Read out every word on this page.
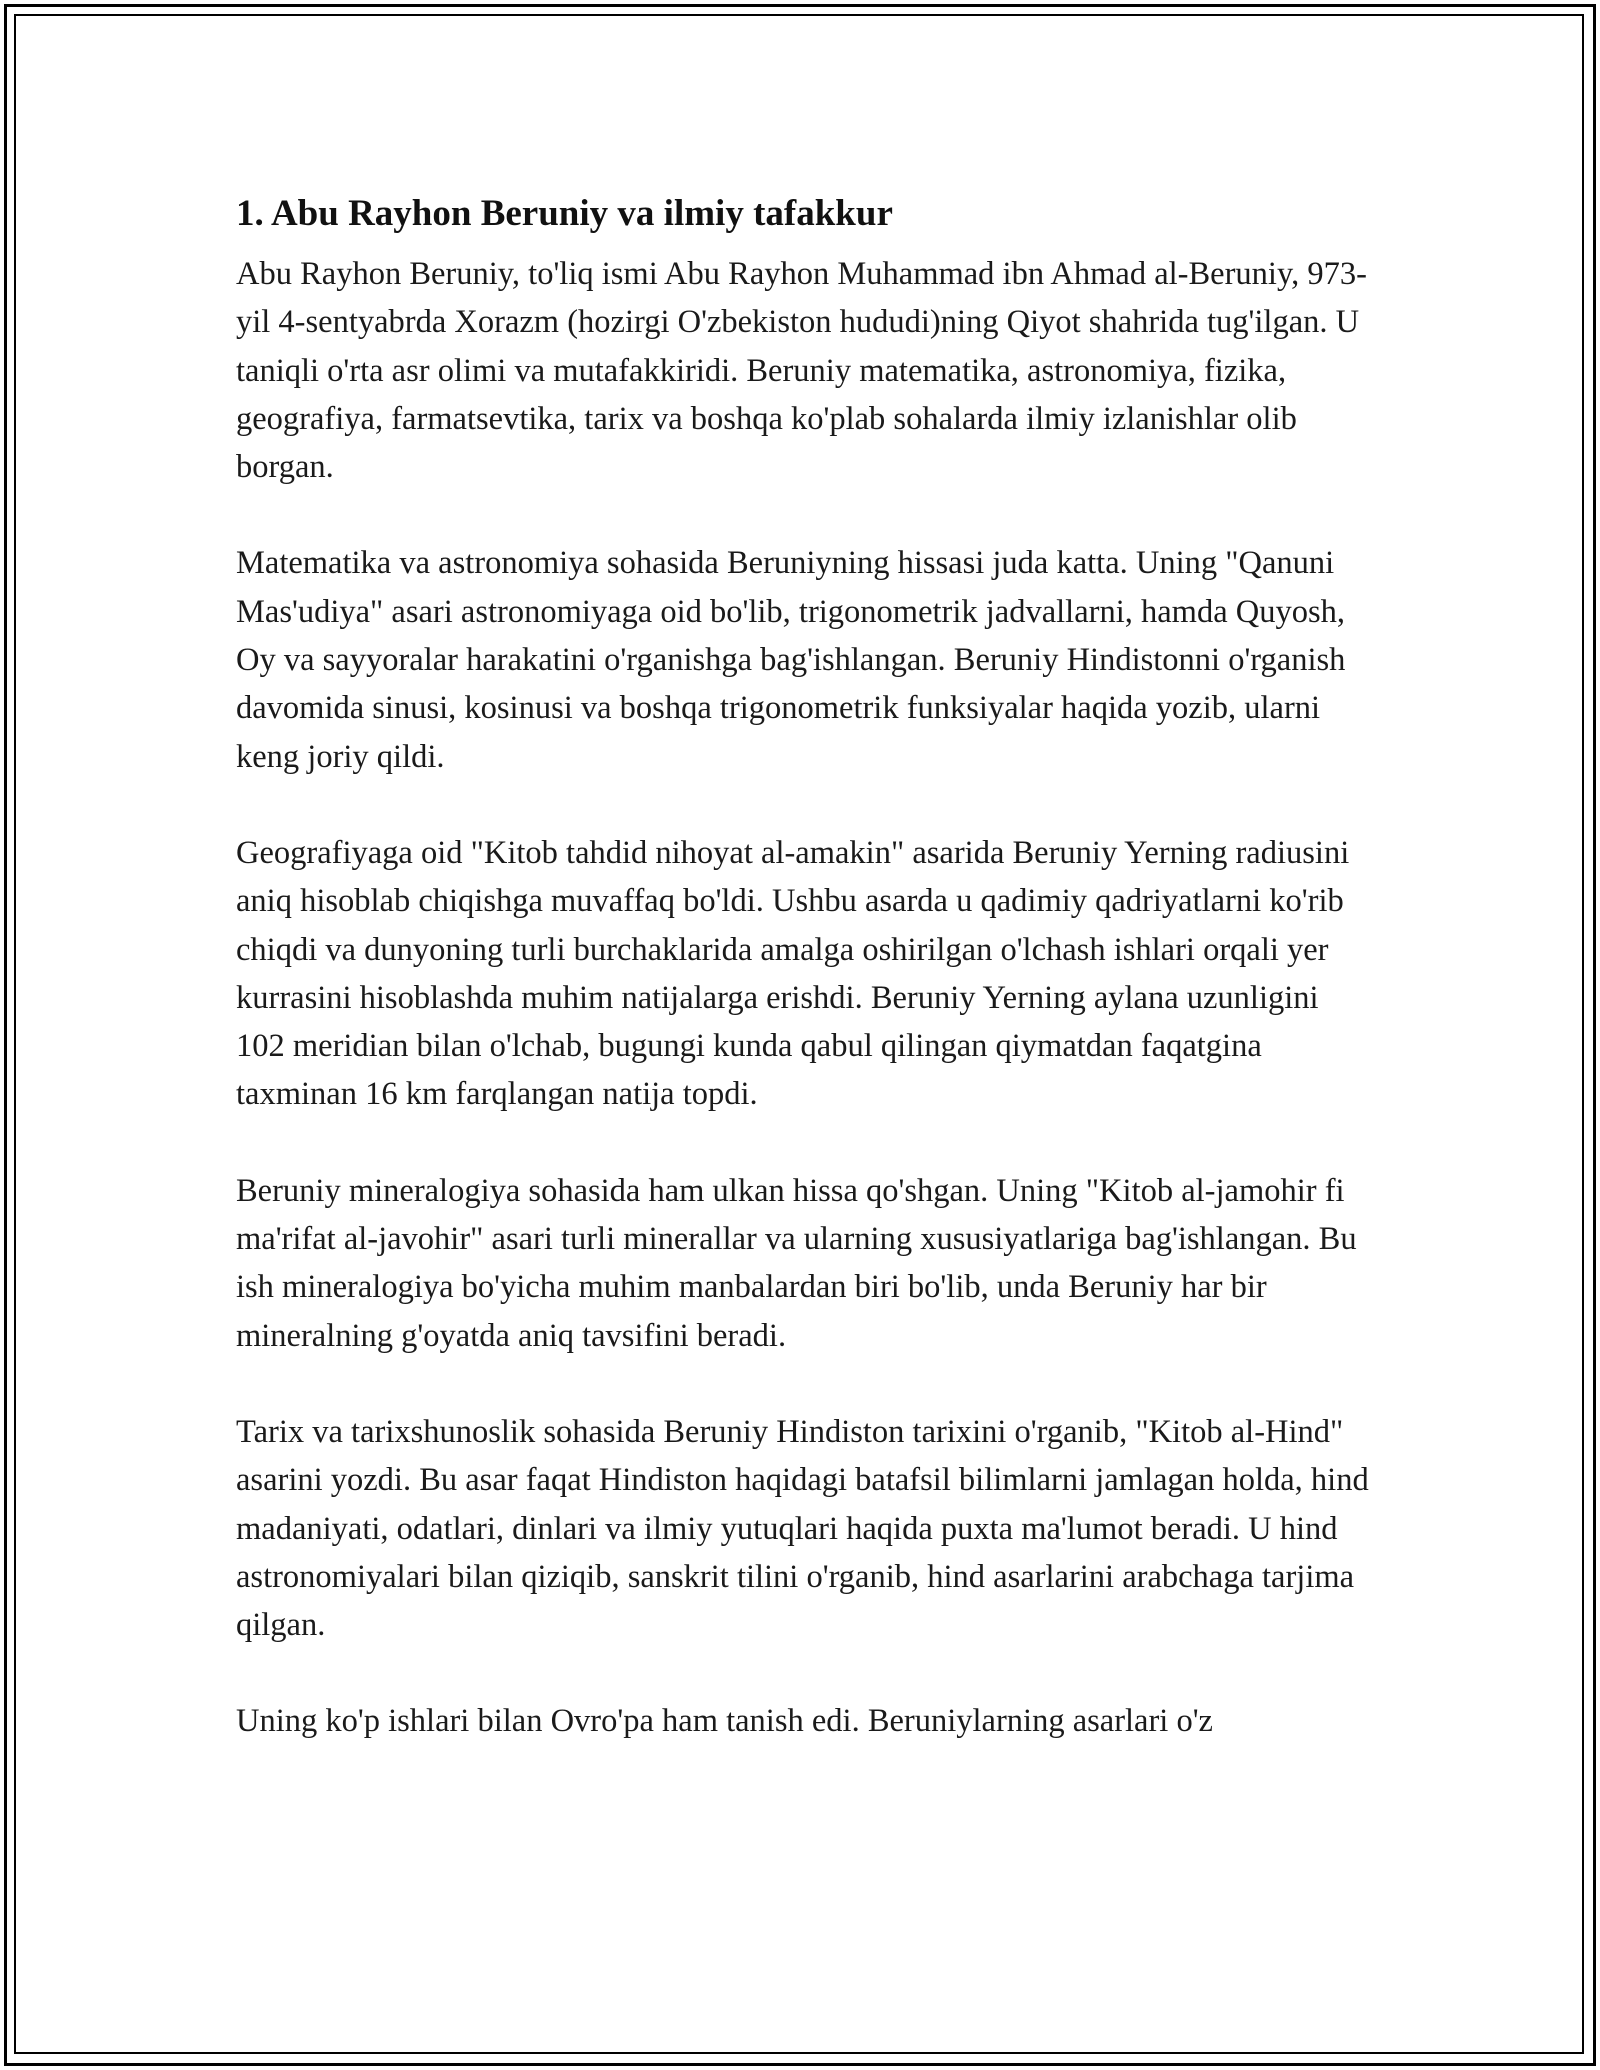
1. Abu Rayhon Beruniy va ilmiy tafakkur

Abu Rayhon Beruniy, to'liq ismi Abu Rayhon Muhammad ibn Ahmad al-Beruniy, 973-yil 4-sentyabrda Xorazm (hozirgi O'zbekiston hududi)ning Qiyot shahrida tug'ilgan. U taniqli o'rta asr olimi va mutafakkiridi. Beruniy matematika, astronomiya, fizika, geografiya, farmatsevtika, tarix va boshqa ko'plab sohalarda ilmiy izlanishlar olib borgan.

Matematika va astronomiya sohasida Beruniyning hissasi juda katta. Uning "Qanuni Mas'udiya" asari astronomiyaga oid bo'lib, trigonometrik jadvallarni, hamda Quyosh, Oy va sayyoralar harakatini o'rganishga bag'ishlangan. Beruniy Hindistonni o'rganish davomida sinusi, kosinusi va boshqa trigonometrik funksiyalar haqida yozib, ularni keng joriy qildi.

Geografiyaga oid "Kitob tahdid nihoyat al-amakin" asarida Beruniy Yerning radiusini aniq hisoblab chiqishga muvaffaq bo'ldi. Ushbu asarda u qadimiy qadriyatlarni ko'rib chiqdi va dunyoning turli burchaklarida amalga oshirilgan o'lchash ishlari orqali yer kurrasini hisoblashda muhim natijalarga erishdi. Beruniy Yerning aylana uzunligini 102 meridian bilan o'lchab, bugungi kunda qabul qilingan qiymatdan faqatgina taxminan 16 km farqlangan natija topdi.

Beruniy mineralogiya sohasida ham ulkan hissa qo'shgan. Uning "Kitob al-jamohir fi ma'rifat al-javohir" asari turli minerallar va ularning xususiyatlariga bag'ishlangan. Bu ish mineralogiya bo'yicha muhim manbalardan biri bo'lib, unda Beruniy har bir mineralning g'oyatda aniq tavsifini beradi.

Tarix va tarixshunoslik sohasida Beruniy Hindiston tarixini o'rganib, "Kitob al-Hind" asarini yozdi. Bu asar faqat Hindiston haqidagi batafsil bilimlarni jamlagan holda, hind madaniyati, odatlari, dinlari va ilmiy yutuqlari haqida puxta ma'lumot beradi. U hind astronomiyalari bilan qiziqib, sanskrit tilini o'rganib, hind asarlarini arabchaga tarjima qilgan.

Uning ko'p ishlari bilan Ovro'pa ham tanish edi. Beruniylarning asarlari o'z
